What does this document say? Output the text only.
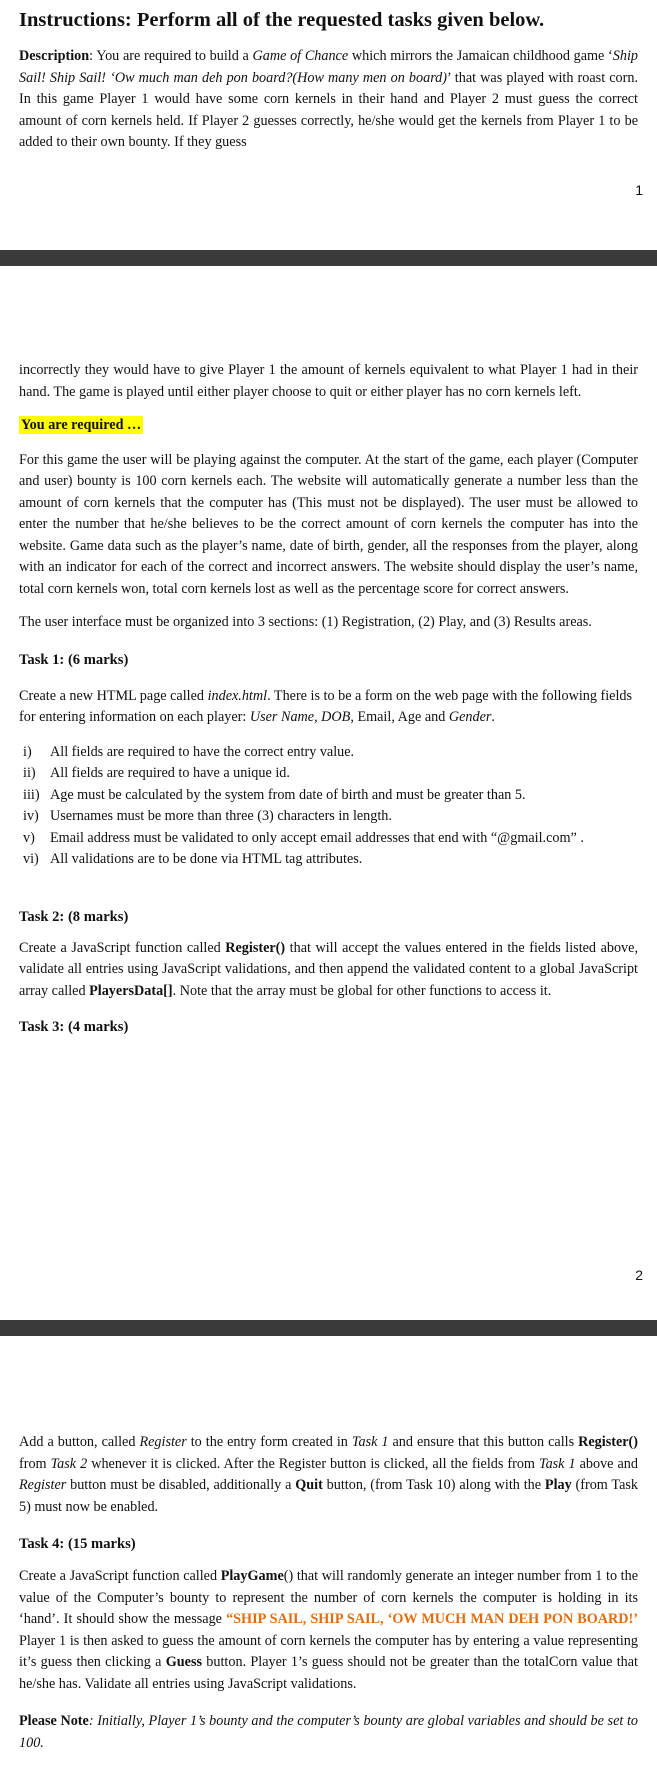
Instructions: Perform all of the requested tasks given below.

Description: You are required to build a Game of Chance which mirrors the Jamaican childhood game ‘Ship Sail! Ship Sail! ‘Ow much man deh pon board?(How many men on board)’ that was played with roast corn. In this game Player 1 would have some corn kernels in their hand and Player 2 must guess the correct amount of corn kernels held. If Player 2 guesses correctly, he/she would get the kernels from Player 1 to be added to their own bounty. If they guess

1

incorrectly they would have to give Player 1 the amount of kernels equivalent to what Player 1 had in their hand. The game is played until either player choose to quit or either player has no corn kernels left.

You are required …

For this game the user will be playing against the computer. At the start of the game, each player (Computer and user) bounty is 100 corn kernels each. The website will automatically generate a number less than the amount of corn kernels that the computer has (This must not be displayed). The user must be allowed to enter the number that he/she believes to be the correct amount of corn kernels the computer has into the website. Game data such as the player’s name, date of birth, gender, all the responses from the player, along with an indicator for each of the correct and incorrect answers. The website should display the user’s name, total corn kernels won, total corn kernels lost as well as the percentage score for correct answers.

The user interface must be organized into 3 sections: (1) Registration, (2) Play, and (3) Results areas.

Task 1: (6 marks)

Create a new HTML page called index.html. There is to be a form on the web page with the following fields for entering information on each player: User Name, DOB, Email, Age and Gender.

i)	All fields are required to have the correct entry value.
ii)	All fields are required to have a unique id.
iii) Age must be calculated by the system from date of birth and must be greater than 5.
iv) Usernames must be more than three (3) characters in length.
v)	Email address must be validated to only accept email addresses that end with “@gmail.com” .
vi) All validations are to be done via HTML tag attributes.

Task 2: (8 marks)

Create a JavaScript function called Register() that will accept the values entered in the fields listed above, validate all entries using JavaScript validations, and then append the validated content to a global JavaScript array called PlayersData[]. Note that the array must be global for other functions to access it.

Task 3: (4 marks)

2

Add a button, called Register to the entry form created in Task 1 and ensure that this button calls Register() from Task 2 whenever it is clicked. After the Register button is clicked, all the fields from Task 1 above and Register button must be disabled, additionally a Quit button, (from Task 10) along with the Play (from Task 5) must now be enabled.

Task 4: (15 marks)

Create a JavaScript function called PlayGame() that will randomly generate an integer number from 1 to the value of the Computer’s bounty to represent the number of corn kernels the computer is holding in its ‘hand’. It should show the message “SHIP SAIL, SHIP SAIL, ‘OW MUCH MAN DEH PON BOARD!’ Player 1 is then asked to guess the amount of corn kernels the computer has by entering a value representing it’s guess then clicking a Guess button. Player 1’s guess should not be greater than the totalCorn value that he/she has. Validate all entries using JavaScript validations.

Please Note: Initially, Player 1’s bounty and the computer’s bounty are global variables and should be set to 100.
